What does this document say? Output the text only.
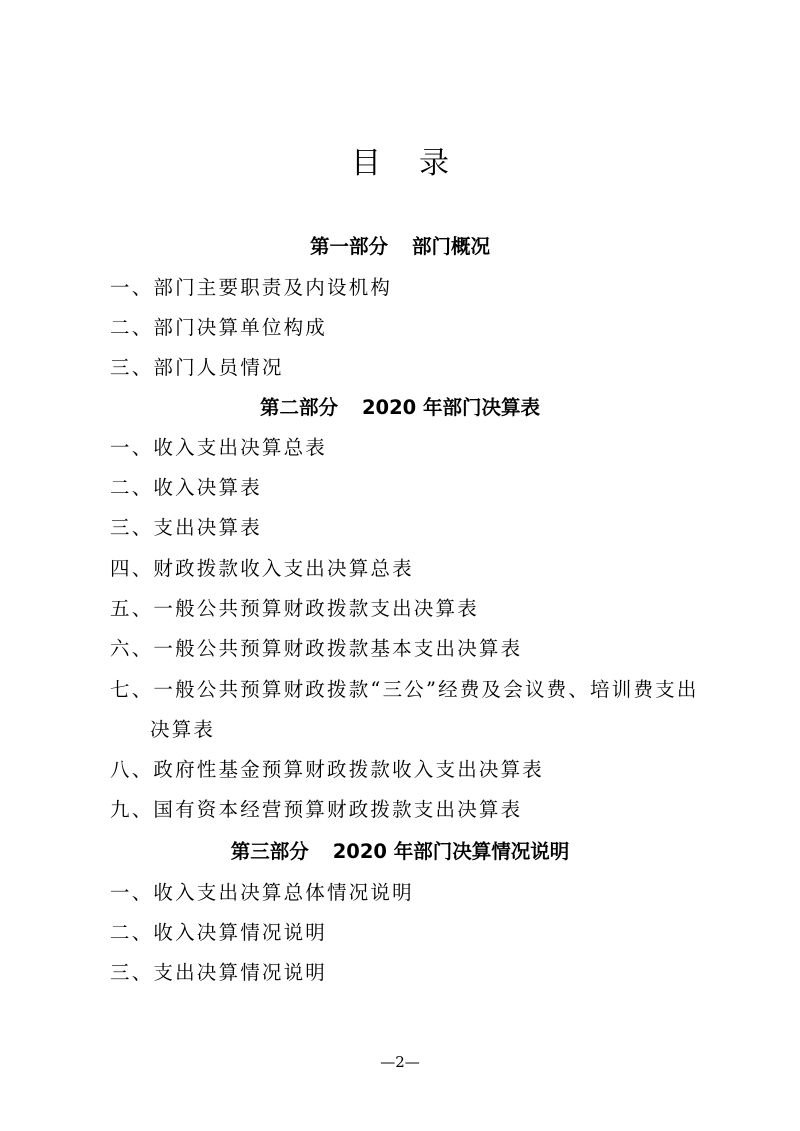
目 录
第一部分 部门概况
一、部门主要职责及内设机构
二、部门决算单位构成
三、部门人员情况
第二部分 2020 年部门决算表
一、收入支出决算总表
二、收入决算表
三、支出决算表
四、财政拨款收入支出决算总表
五、一般公共预算财政拨款支出决算表
六、一般公共预算财政拨款基本支出决算表
七、一般公共预算财政拨款“三公”经费及会议费、培训费支出
决算表
八、政府性基金预算财政拨款收入支出决算表
九、国有资本经营预算财政拨款支出决算表
第三部分 2020 年部门决算情况说明
一、收入支出决算总体情况说明
二、收入决算情况说明
三、支出决算情况说明
—2—
